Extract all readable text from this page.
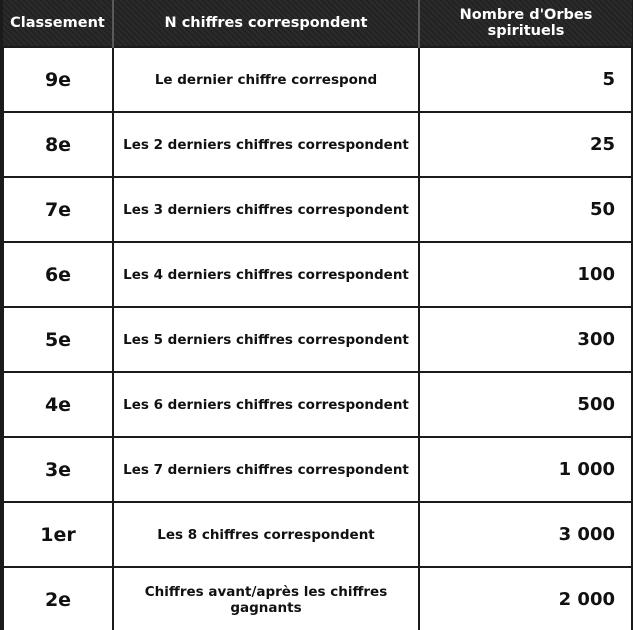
Classement	N chiffres correspondent	Nombre d'Orbes spirituels
9e	Le dernier chiffre correspond	5
8e	Les 2 derniers chiffres correspondent	25
7e	Les 3 derniers chiffres correspondent	50
6e	Les 4 derniers chiffres correspondent	100
5e	Les 5 derniers chiffres correspondent	300
4e	Les 6 derniers chiffres correspondent	500
3e	Les 7 derniers chiffres correspondent	1 000
1er	Les 8 chiffres correspondent	3 000
2e	Chiffres avant/après les chiffres gagnants	2 000
